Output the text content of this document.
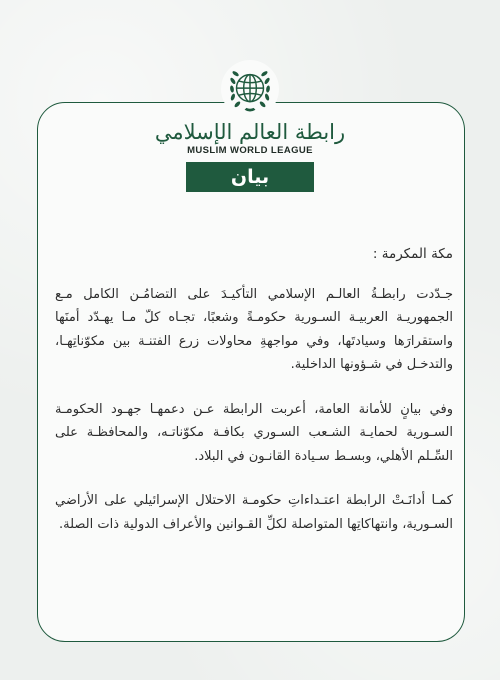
رابطة العالم الإسلامي
MUSLIM WORLD LEAGUE
بيان
مكة المكرمة :

جـدّدت رابطـةُ العالـم الإسلامي التأكيـدَ على التضامُـن الكامل مـع الجمهوريـة العربيـة السـورية حكومـةً وشعبًا، تجـاه كلّ مـا يهـدّد أمنَها واستقرارَها وسيادتَها، وفي مواجهةِ محاولات زرع الفتنـة بين مكوّناتِهـا، والتدخـل في شـؤونها الداخلية.

وفي بيانٍ للأمانة العامة، أعربت الرابطة عـن دعمهـا جهـود الحكومـة السـورية لحمايـة الشـعب السـوري بكافـة مكوّناتـه، والمحافظـة على السِّـلم الأهلي، وبسـط سـيادة القانـون في البلاد.

كمـا أدانَـتْ الرابطة اعتـداءاتِ حكومـة الاحتلال الإسرائيلي على الأراضي السـورية، وانتهاكاتِها المتواصلة لكلِّ القـوانين والأعراف الدولية ذات الصلة.
